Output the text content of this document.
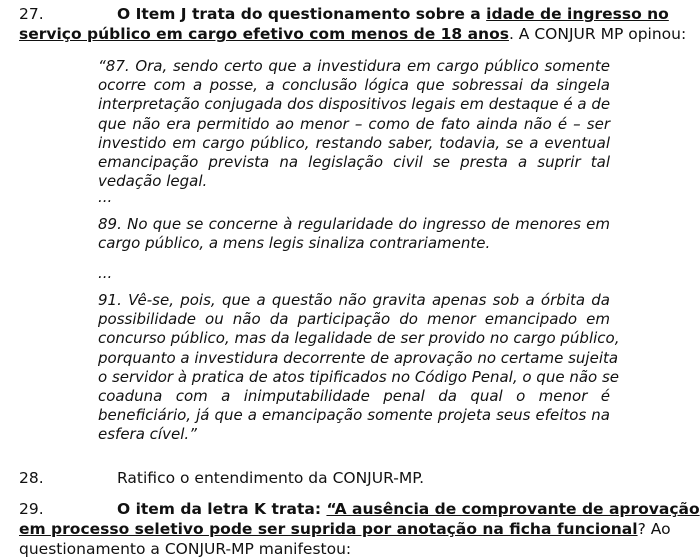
27.	O Item J trata do questionamento sobre a idade de ingresso no
serviço público em cargo efetivo com menos de 18 anos. A CONJUR MP opinou:
“87. Ora, sendo certo que a investidura em cargo público somente
ocorre com a posse, a conclusão lógica que sobressai da singela
interpretação conjugada dos dispositivos legais em destaque é a de
que não era permitido ao menor – como de fato ainda não é – ser
investido em cargo público, restando saber, todavia, se a eventual
emancipação prevista na legislação civil se presta a suprir tal
vedação legal.
...
89. No que se concerne à regularidade do ingresso de menores em
cargo público, a mens legis sinaliza contrariamente.
...
91. Vê-se, pois, que a questão não gravita apenas sob a órbita da
possibilidade ou não da participação do menor emancipado em
concurso público, mas da legalidade de ser provido no cargo público,
porquanto a investidura decorrente de aprovação no certame sujeita
o servidor à pratica de atos tipificados no Código Penal, o que não se
coaduna com a inimputabilidade penal da qual o menor é
beneficiário, já que a emancipação somente projeta seus efeitos na
esfera cível.”
28.	Ratifico o entendimento da CONJUR-MP.
29.	O item da letra K trata: “A ausência de comprovante de aprovação
em processo seletivo pode ser suprida por anotação na ficha funcional? Ao
questionamento a CONJUR-MP manifestou:
